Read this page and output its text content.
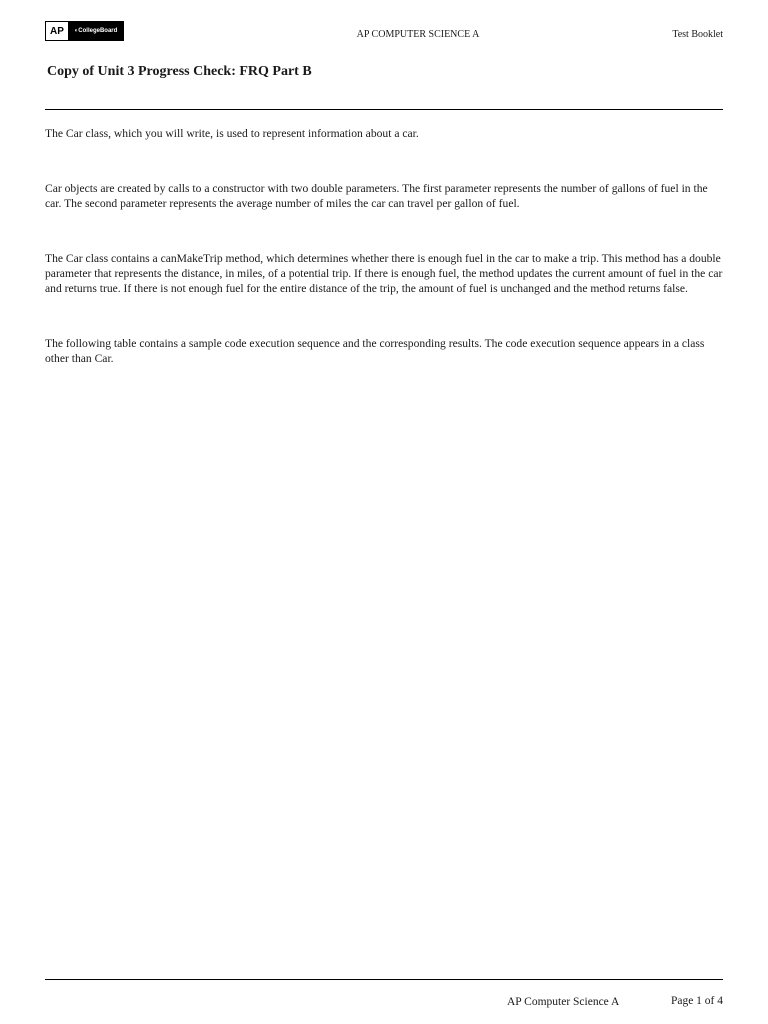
AP	◐CollegeBoard	AP COMPUTER SCIENCE A	Test Booklet
Copy of Unit 3 Progress Check: FRQ Part B

The Car class, which you will write, is used to represent information about a car.

Car objects are created by calls to a constructor with two double parameters. The first parameter represents the number of gallons of fuel in the car. The second parameter represents the average number of miles the car can travel per gallon of fuel.

The Car class contains a canMakeTrip method, which determines whether there is enough fuel in the car to make a trip. This method has a double parameter that represents the distance, in miles, of a potential trip. If there is enough fuel, the method updates the current amount of fuel in the car and returns true. If there is not enough fuel for the entire distance of the trip, the amount of fuel is unchanged and the method returns false.

The following table contains a sample code execution sequence and the corresponding results. The code execution sequence appears in a class other than Car.

AP Computer Science A	Page 1 of 4
